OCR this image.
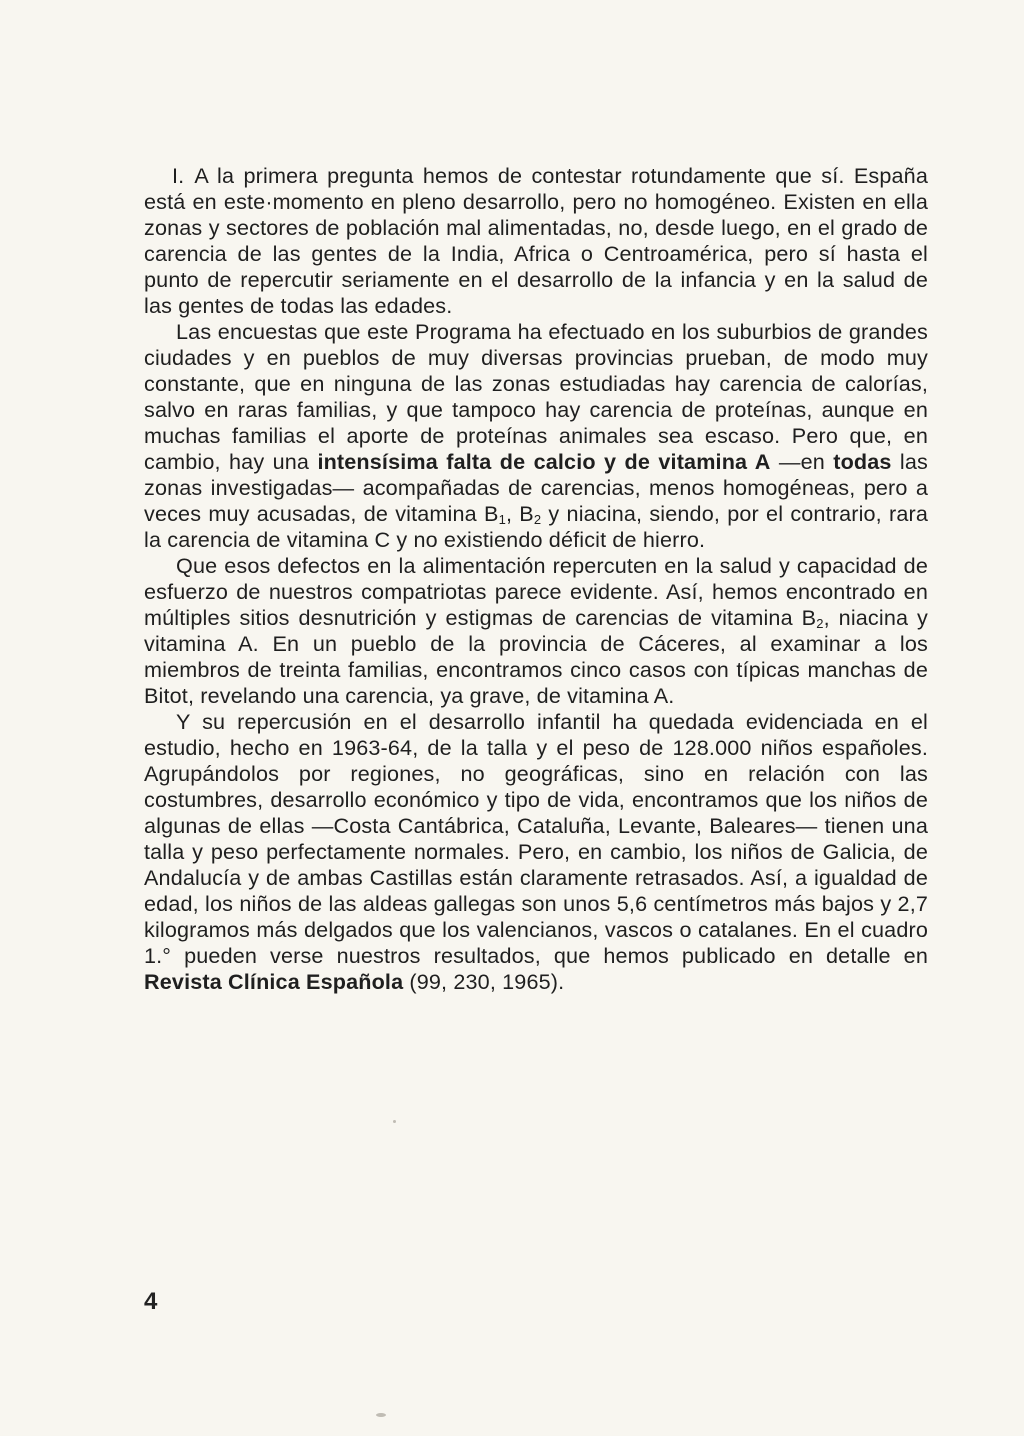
I. A la primera pregunta hemos de contestar rotundamente que sí. España está en este·momento en pleno desarrollo, pero no homogéneo. Existen en ella zonas y sectores de población mal alimentadas, no, desde luego, en el grado de carencia de las gentes de la India, Africa o Centroamérica, pero sí hasta el punto de repercutir seriamente en el desarrollo de la infancia y en la salud de las gentes de todas las edades.

Las encuestas que este Programa ha efectuado en los suburbios de grandes ciudades y en pueblos de muy diversas provincias prueban, de modo muy constante, que en ninguna de las zonas estudiadas hay carencia de calorías, salvo en raras familias, y que tampoco hay carencia de proteínas, aunque en muchas familias el aporte de proteínas animales sea escaso. Pero que, en cambio, hay una intensísima falta de calcio y de vitamina A —en todas las zonas investigadas— acompañadas de carencias, menos homogéneas, pero a veces muy acusadas, de vitamina $B_1$, $B_2$ y niacina, siendo, por el contrario, rara la carencia de vitamina C y no existiendo déficit de hierro.

Que esos defectos en la alimentación repercuten en la salud y capacidad de esfuerzo de nuestros compatriotas parece evidente. Así, hemos encontrado en múltiples sitios desnutrición y estigmas de carencias de vitamina $B_2$, niacina y vitamina A. En un pueblo de la provincia de Cáceres, al examinar a los miembros de treinta familias, encontramos cinco casos con típicas manchas de Bitot, revelando una carencia, ya grave, de vitamina A.

Y su repercusión en el desarrollo infantil ha quedada evidenciada en el estudio, hecho en 1963-64, de la talla y el peso de 128.000 niños españoles. Agrupándolos por regiones, no geográficas, sino en relación con las costumbres, desarrollo económico y tipo de vida, encontramos que los niños de algunas de ellas —Costa Cantábrica, Cataluña, Levante, Baleares— tienen una talla y peso perfectamente normales. Pero, en cambio, los niños de Galicia, de Andalucía y de ambas Castillas están claramente retrasados. Así, a igualdad de edad, los niños de las aldeas gallegas son unos 5,6 centímetros más bajos y 2,7 kilogramos más delgados que los valencianos, vascos o catalanes. En el cuadro 1.° pueden verse nuestros resultados, que hemos publicado en detalle en Revista Clínica Española (99, 230, 1965).

4
